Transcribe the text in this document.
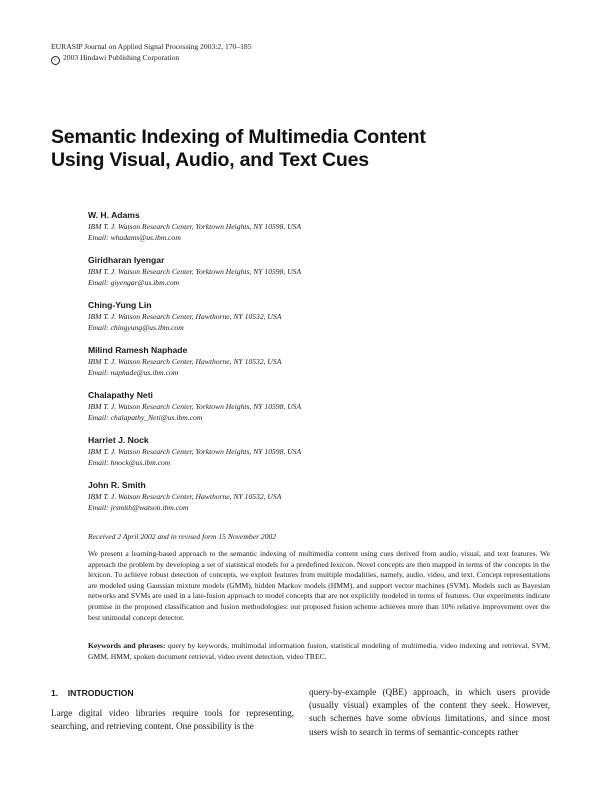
EURASIP Journal on Applied Signal Processing 2003:2, 170–185
c 2003 Hindawi Publishing Corporation
Semantic Indexing of Multimedia Content
Using Visual, Audio, and Text Cues
W. H. Adams
IBM T. J. Watson Research Center, Yorktown Heights, NY 10598, USA
Email: whadams@us.ibm.com
Giridharan Iyengar
IBM T. J. Watson Research Center, Yorktown Heights, NY 10598, USA
Email: giyengar@us.ibm.com
Ching-Yung Lin
IBM T. J. Watson Research Center, Hawthorne, NY 10532, USA
Email: chingyung@us.ibm.com
Milind Ramesh Naphade
IBM T. J. Watson Research Center, Hawthorne, NY 10532, USA
Email: naphade@us.ibm.com
Chalapathy Neti
IBM T. J. Watson Research Center, Yorktown Heights, NY 10598, USA
Email: chalapathy_Neti@us.ibm.com
Harriet J. Nock
IBM T. J. Watson Research Center, Yorktown Heights, NY 10598, USA
Email: hnock@us.ibm.com
John R. Smith
IBM T. J. Watson Research Center, Hawthorne, NY 10532, USA
Email: jrsmith@watson.ibm.com
Received 2 April 2002 and in revised form 15 November 2002
We present a learning-based approach to the semantic indexing of multimedia content using cues derived from audio, visual, and text features. We approach the problem by developing a set of statistical models for a predefined lexicon. Novel concepts are then mapped in terms of the concepts in the lexicon. To achieve robust detection of concepts, we exploit features from multiple modalities, namely, audio, video, and text. Concept representations are modeled using Gaussian mixture models (GMM), hidden Markov models (HMM), and support vector machines (SVM). Models such as Bayesian networks and SVMs are used in a late-fusion approach to model concepts that are not explicitly modeled in terms of features. Our experiments indicate promise in the proposed classification and fusion methodologies: our proposed fusion scheme achieves more than 10% relative improvement over the best unimodal concept detector.
Keywords and phrases: query by keywords, multimodal information fusion, statistical modeling of multimedia, video indexing and retrieval, SVM, GMM, HMM, spoken document retrieval, video event detection, video TREC.
1. INTRODUCTION
Large digital video libraries require tools for representing, searching, and retrieving content. One possibility is the
query-by-example (QBE) approach, in which users provide (usually visual) examples of the content they seek. However, such schemes have some obvious limitations, and since most users wish to search in terms of semantic-concepts rather
